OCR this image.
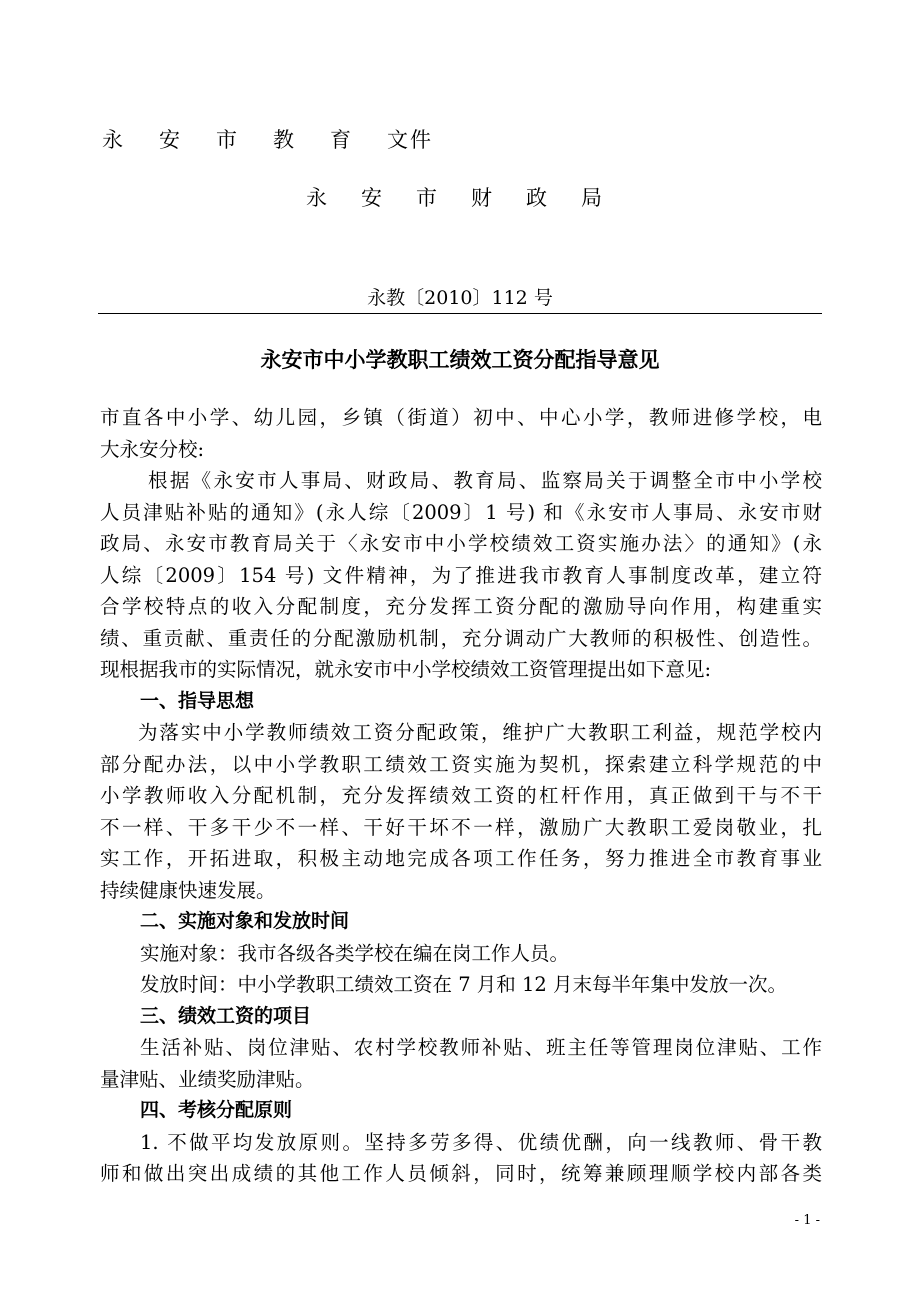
永 安 市 教 育 文件
永 安 市 财 政 局
永教〔2010〕112 号
永安市中小学教职工绩效工资分配指导意见
市直各中小学、幼儿园，乡镇（街道）初中、中心小学，教师进修学校，电
大永安分校:
根据《永安市人事局、财政局、教育局、监察局关于调整全市中小学校
人员津贴补贴的通知》(永人综〔2009〕1 号) 和《永安市人事局、永安市财
政局、永安市教育局关于〈永安市中小学校绩效工资实施办法〉的通知》(永
人综〔2009〕154 号) 文件精神，为了推进我市教育人事制度改革，建立符
合学校特点的收入分配制度，充分发挥工资分配的激励导向作用，构建重实
绩、重贡献、重责任的分配激励机制，充分调动广大教师的积极性、创造性。
现根据我市的实际情况，就永安市中小学校绩效工资管理提出如下意见:
一、指导思想
为落实中小学教师绩效工资分配政策，维护广大教职工利益，规范学校内
部分配办法，以中小学教职工绩效工资实施为契机，探索建立科学规范的中
小学教师收入分配机制，充分发挥绩效工资的杠杆作用，真正做到干与不干
不一样、干多干少不一样、干好干坏不一样，激励广大教职工爱岗敬业，扎
实工作，开拓进取，积极主动地完成各项工作任务，努力推进全市教育事业
持续健康快速发展。
二、实施对象和发放时间
实施对象：我市各级各类学校在编在岗工作人员。
发放时间：中小学教职工绩效工资在 7 月和 12 月末每半年集中发放一次。
三、绩效工资的项目
生活补贴、岗位津贴、农村学校教师补贴、班主任等管理岗位津贴、工作
量津贴、业绩奖励津贴。
四、考核分配原则
1. 不做平均发放原则。坚持多劳多得、优绩优酬，向一线教师、骨干教
师和做出突出成绩的其他工作人员倾斜，同时，统筹兼顾理顺学校内部各类
- 1 -
